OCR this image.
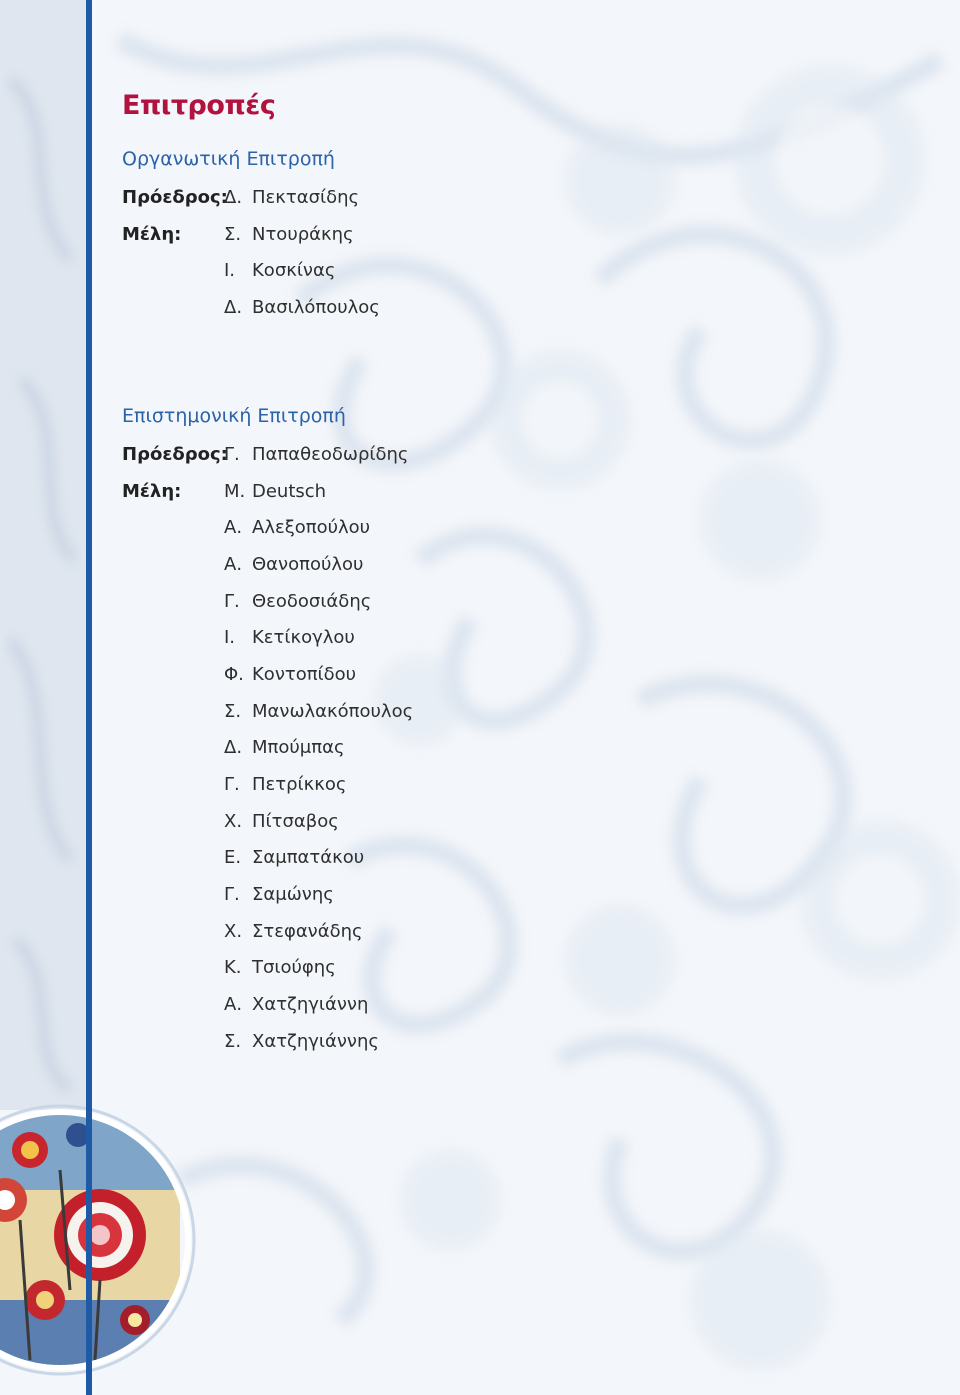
Επιτροπές
Οργανωτική Επιτροπή
Πρόεδρος:
Δ. Πεκτασίδης
Μέλη:	Σ. Ντουράκης
Ι. Κοσκίνας
Δ. Βασιλόπουλος
Επιστημονική Επιτροπή
Πρόεδρος:
Γ. Παπαθεοδωρίδης
Μέλη:	Μ. Deutsch
Α. Αλεξοπούλου
Α. Θανοπούλου
Γ. Θεοδοσιάδης
Ι. Κετίκογλου
Φ. Κοντοπίδου
Σ. Μανωλακόπουλος
Δ. Μπούμπας
Γ. Πετρίκκος
Χ. Πίτσαβος
Ε. Σαμπατάκου
Γ. Σαμώνης
Χ. Στεφανάδης
Κ. Τσιούφης
Α. Χατζηγιάννη
Σ. Χατζηγιάννης
